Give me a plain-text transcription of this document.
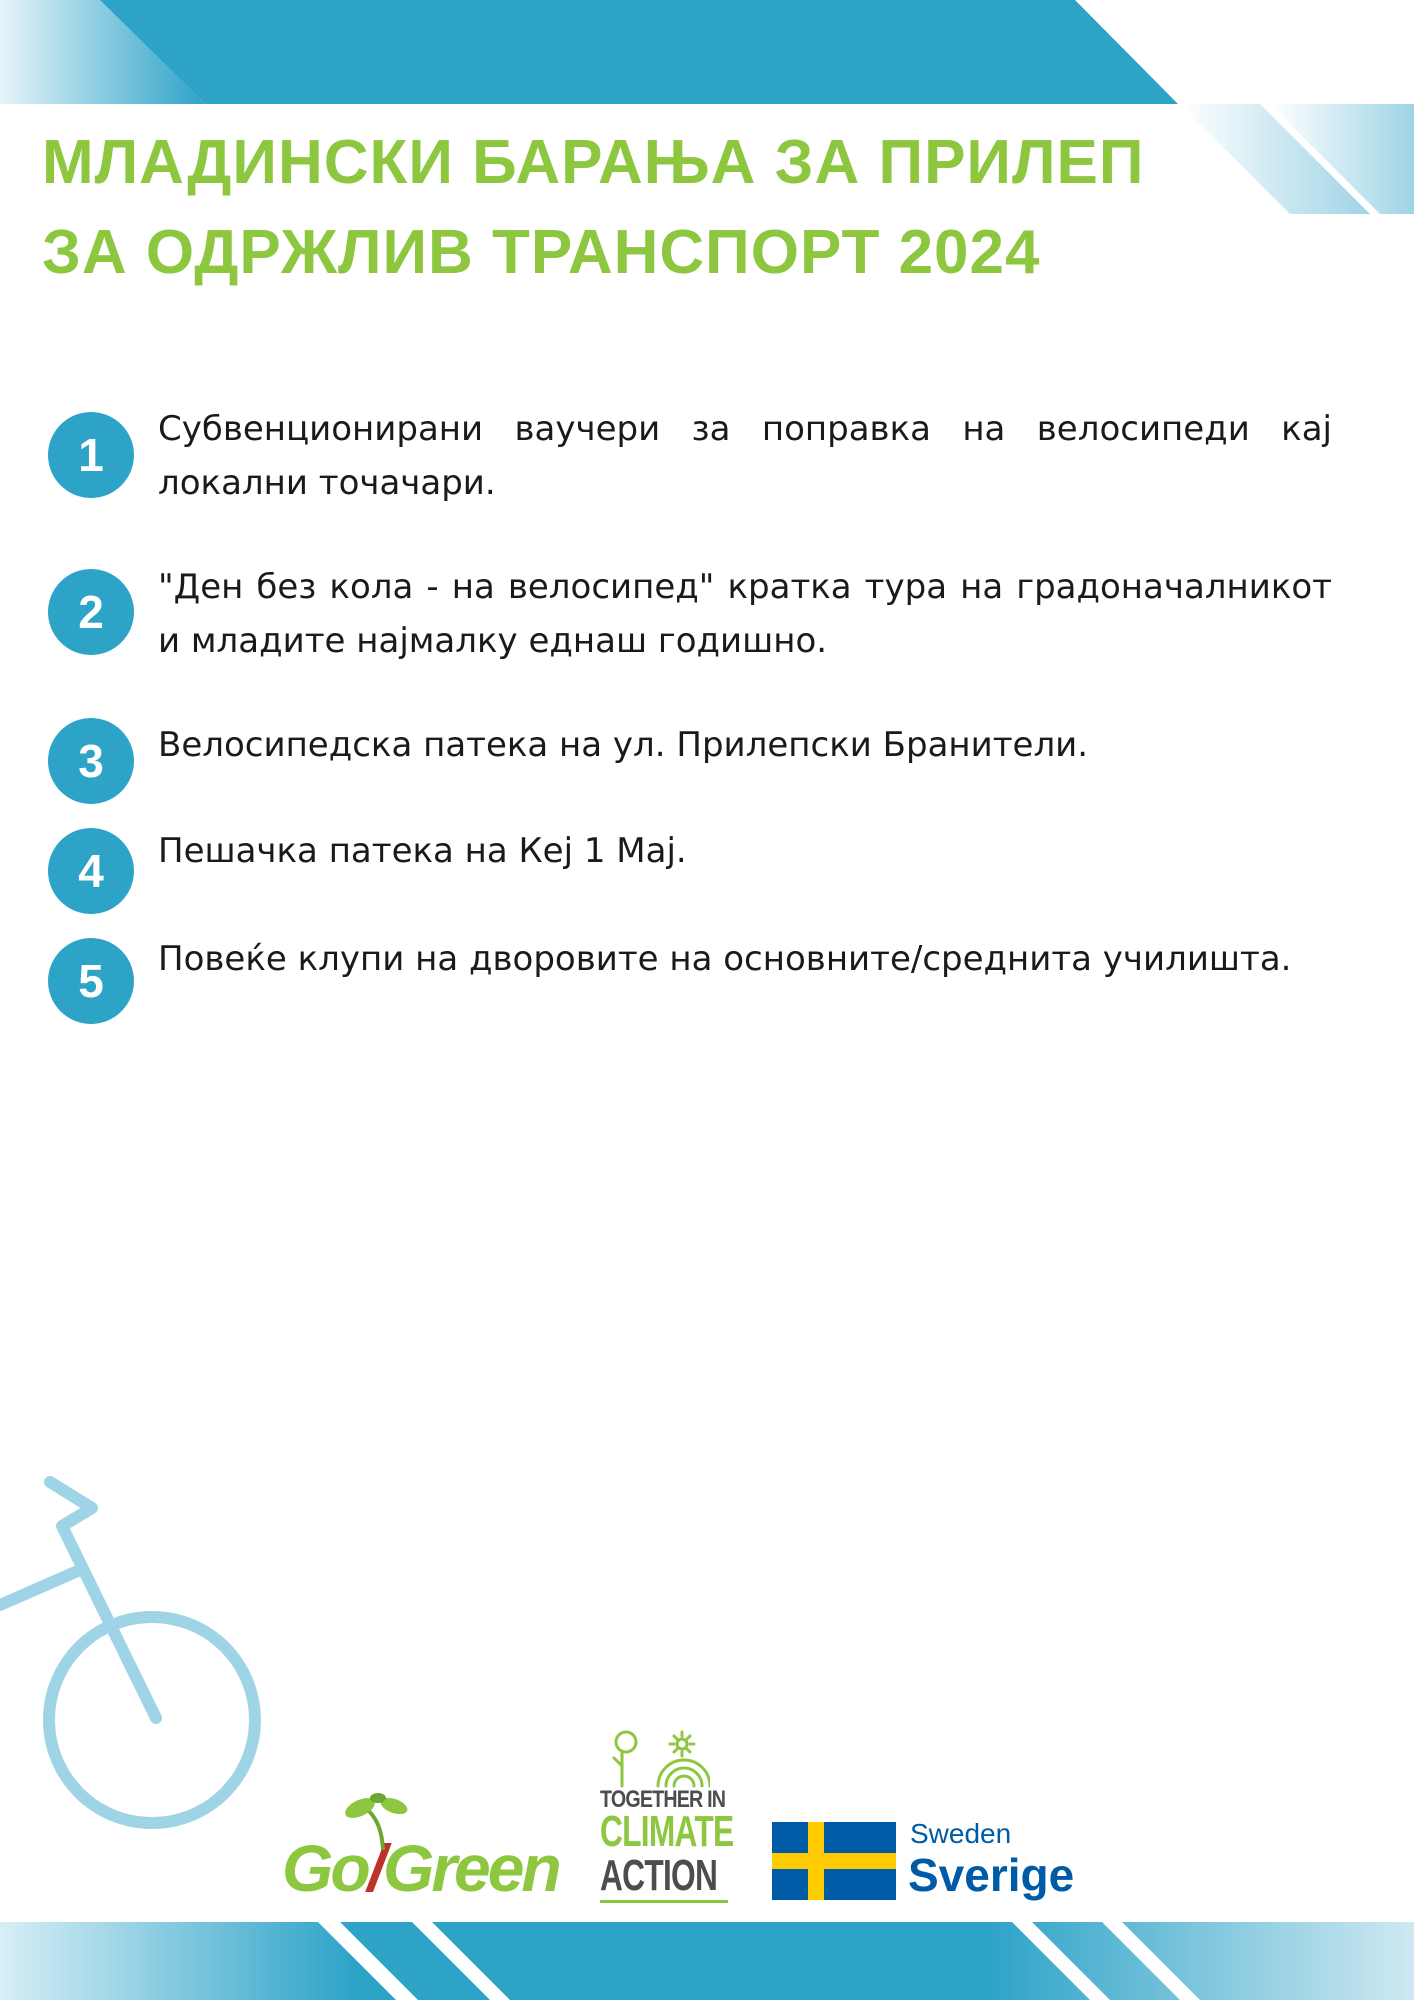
МЛАДИНСКИ БАРАЊА ЗА ПРИЛЕП
ЗА ОДРЖЛИВ ТРАНСПОРТ 2024
1	Субвенционирани ваучери за поправка на велосипеди кај локални точачари.

2	"Ден без кола - на велосипед" кратка тура на градоначалникот и младите најмалку еднаш годишно.

3	Велосипедска патека на ул. Прилепски Бранители.

4	Пешачка патека на Кеј 1 Мај.

5	Повеќе клупи на дворовите на основните/среднита училишта.

Go/Green
TOGETHER IN
CLIMATE
ACTION
Sweden
Sverige
